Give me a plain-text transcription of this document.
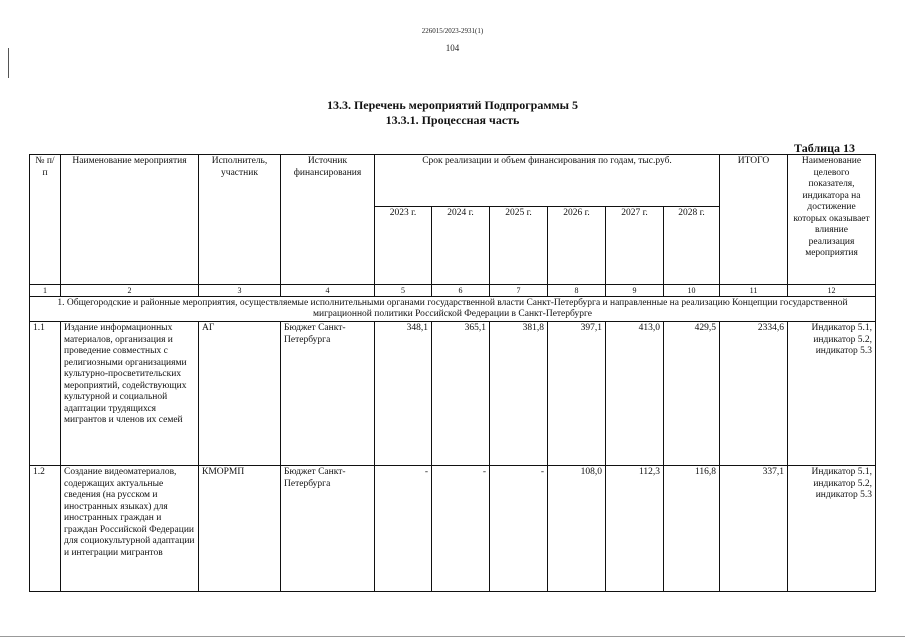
226015/2023-2931(1)
104
13.3. Перечень мероприятий Подпрограммы 5
13.3.1. Процессная часть
Таблица 13
№ п/п	Наименование мероприятия	Исполнитель, участник	Источник финансирования	Срок реализации и объем финансирования по годам, тыс.руб.						ИТОГО	Наименование целевого показателя, индикатора на достижение которых оказывает влияние реализация мероприятия
				2023 г.	2024 г.	2025 г.	2026 г.	2027 г.	2028 г.		
1	2	3	4	5	6	7	8	9	10	11	12
1. Общегородские и районные мероприятия, осуществляемые исполнительными органами государственной власти Санкт-Петербурга и направленные на реализацию Концепции государственной миграционной политики Российской Федерации в Санкт-Петербурге											
1.1	Издание информационных материалов, организация и проведение совместных с религиозными организациями культурно-просветительских мероприятий, содействующих культурной и социальной адаптации трудящихся мигрантов и членов их семей	АГ	Бюджет Санкт-Петербурга	348,1	365,1	381,8	397,1	413,0	429,5	2334,6	Индикатор 5.1, индикатор 5.2, индикатор 5.3
1.2	Создание видеоматериалов, содержащих актуальные сведения (на русском и иностранных языках) для иностранных граждан и граждан Российской Федерации для социокультурной адаптации и интеграции мигрантов	КМОРМП	Бюджет Санкт-Петербурга	-	-	-	108,0	112,3	116,8	337,1	Индикатор 5.1, индикатор 5.2, индикатор 5.3
